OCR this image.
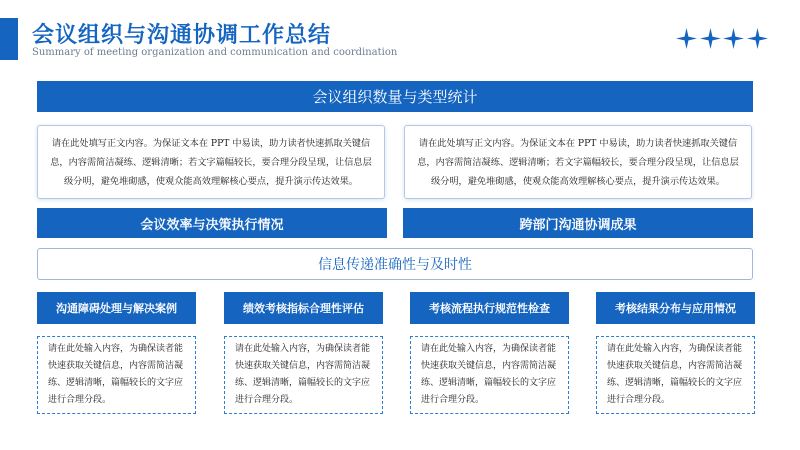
会议组织与沟通协调工作总结
Summary of meeting organization and communication and coordination
会议组织数量与类型统计

请在此处填写正文内容。为保证文本在 PPT 中易读，助力读者快速抓取关键信息，内容需简洁凝练、逻辑清晰；若文字篇幅较长，要合理分段呈现，让信息层级分明，避免堆砌感，使观众能高效理解核心要点，提升演示传达效果。

请在此处填写正文内容。为保证文本在 PPT 中易读，助力读者快速抓取关键信息，内容需简洁凝练、逻辑清晰；若文字篇幅较长，要合理分段呈现，让信息层级分明，避免堆砌感，使观众能高效理解核心要点，提升演示传达效果。

会议效率与决策执行情况	跨部门沟通协调成果
信息传递准确性与及时性
沟通障碍处理与解决案例	绩效考核指标合理性评估	考核流程执行规范性检查	考核结果分布与应用情况

请在此处输入内容，为确保读者能快速获取关键信息，内容需简洁凝练、逻辑清晰，篇幅较长的文字应进行合理分段。

请在此处输入内容，为确保读者能快速获取关键信息，内容需简洁凝练、逻辑清晰，篇幅较长的文字应进行合理分段。

请在此处输入内容，为确保读者能快速获取关键信息，内容需简洁凝练、逻辑清晰，篇幅较长的文字应进行合理分段。

请在此处输入内容，为确保读者能快速获取关键信息，内容需简洁凝练、逻辑清晰，篇幅较长的文字应进行合理分段。
